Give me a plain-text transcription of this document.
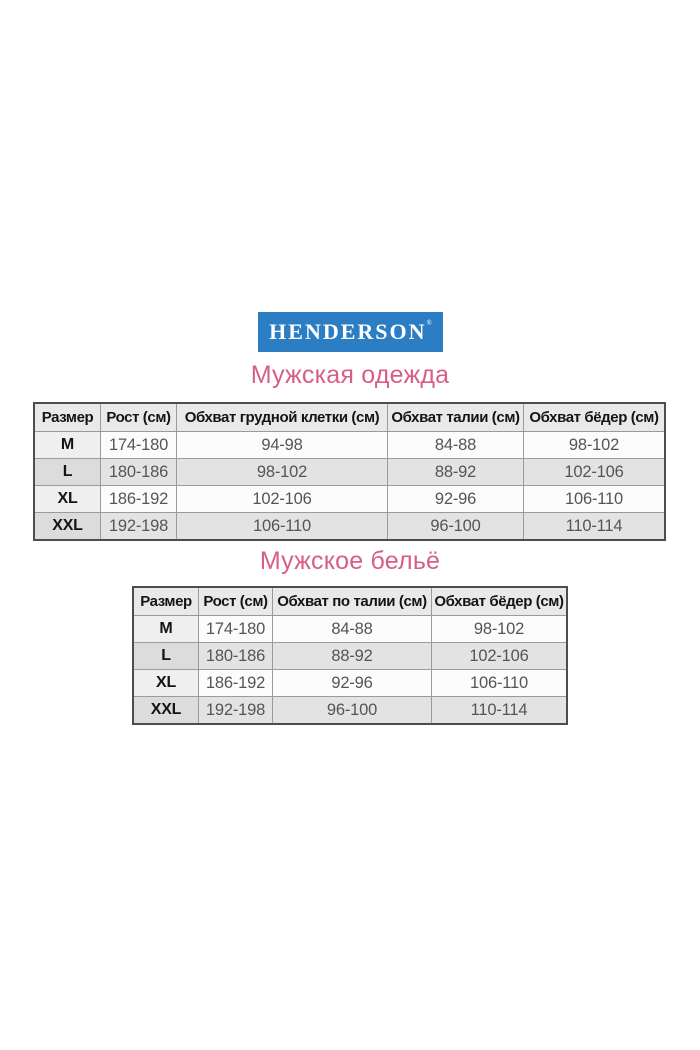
HENDERSON®
Мужская одежда
Размер	Рост (см)	Обхват грудной клетки (см)	Обхват талии (см)	Обхват бёдер (см)
M	174-180	94-98	84-88	98-102
L	180-186	98-102	88-92	102-106
XL	186-192	102-106	92-96	106-110
XXL	192-198	106-110	96-100	110-114
Мужское бельё
Размер	Рост (см)	Обхват по талии (см)	Обхват бёдер (см)
M	174-180	84-88	98-102
L	180-186	88-92	102-106
XL	186-192	92-96	106-110
XXL	192-198	96-100	110-114
